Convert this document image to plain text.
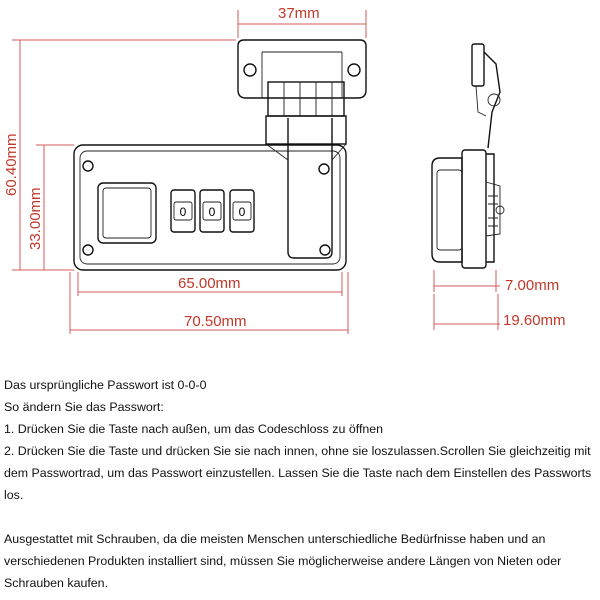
0 0 0
37mm
60.40mm
33.00mm
65.00mm
70.50mm
7.00mm
19.60mm

Das ursprüngliche Passwort ist 0-0-0

So ändern Sie das Passwort:

1. Drücken Sie die Taste nach außen, um das Codeschloss zu öffnen

2. Drücken Sie die Taste und drücken Sie sie nach innen, ohne sie loszulassen.Scrollen Sie gleichzeitig mit dem Passwortrad, um das Passwort einzustellen. Lassen Sie die Taste nach dem Einstellen des Passworts los.

Ausgestattet mit Schrauben, da die meisten Menschen unterschiedliche Bedürfnisse haben und an verschiedenen Produkten installiert sind, müssen Sie möglicherweise andere Längen von Nieten oder Schrauben kaufen.
